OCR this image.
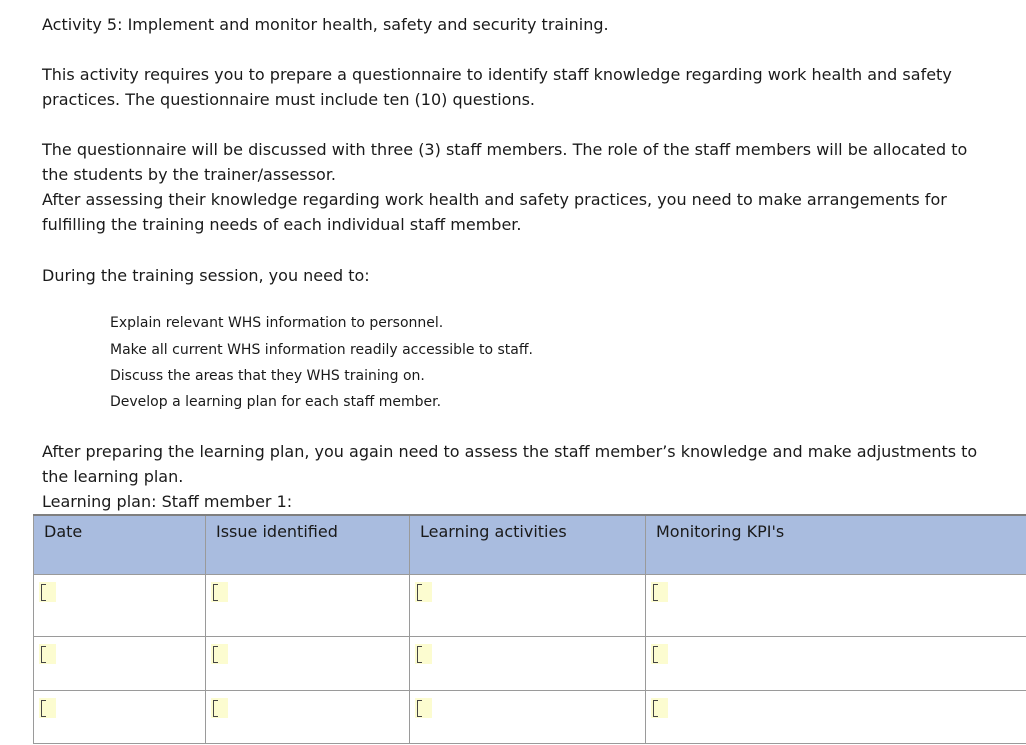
Activity 5: Implement and monitor health, safety and security training.

This activity requires you to prepare a questionnaire to identify staff knowledge regarding work health and safety

practices. The questionnaire must include ten (10) questions.

The questionnaire will be discussed with three (3) staff members. The role of the staff members will be allocated to

the students by the trainer/assessor.

After assessing their knowledge regarding work health and safety practices, you need to make arrangements for

fulfilling the training needs of each individual staff member.

During the training session, you need to:

Explain relevant WHS information to personnel.

Make all current WHS information readily accessible to staff.

Discuss the areas that they WHS training on.

Develop a learning plan for each staff member.

After preparing the learning plan, you again need to assess the staff member’s knowledge and make adjustments to

the learning plan.

Learning plan: Staff member 1:

Date	Issue identified	Learning activities	Monitoring KPI's
